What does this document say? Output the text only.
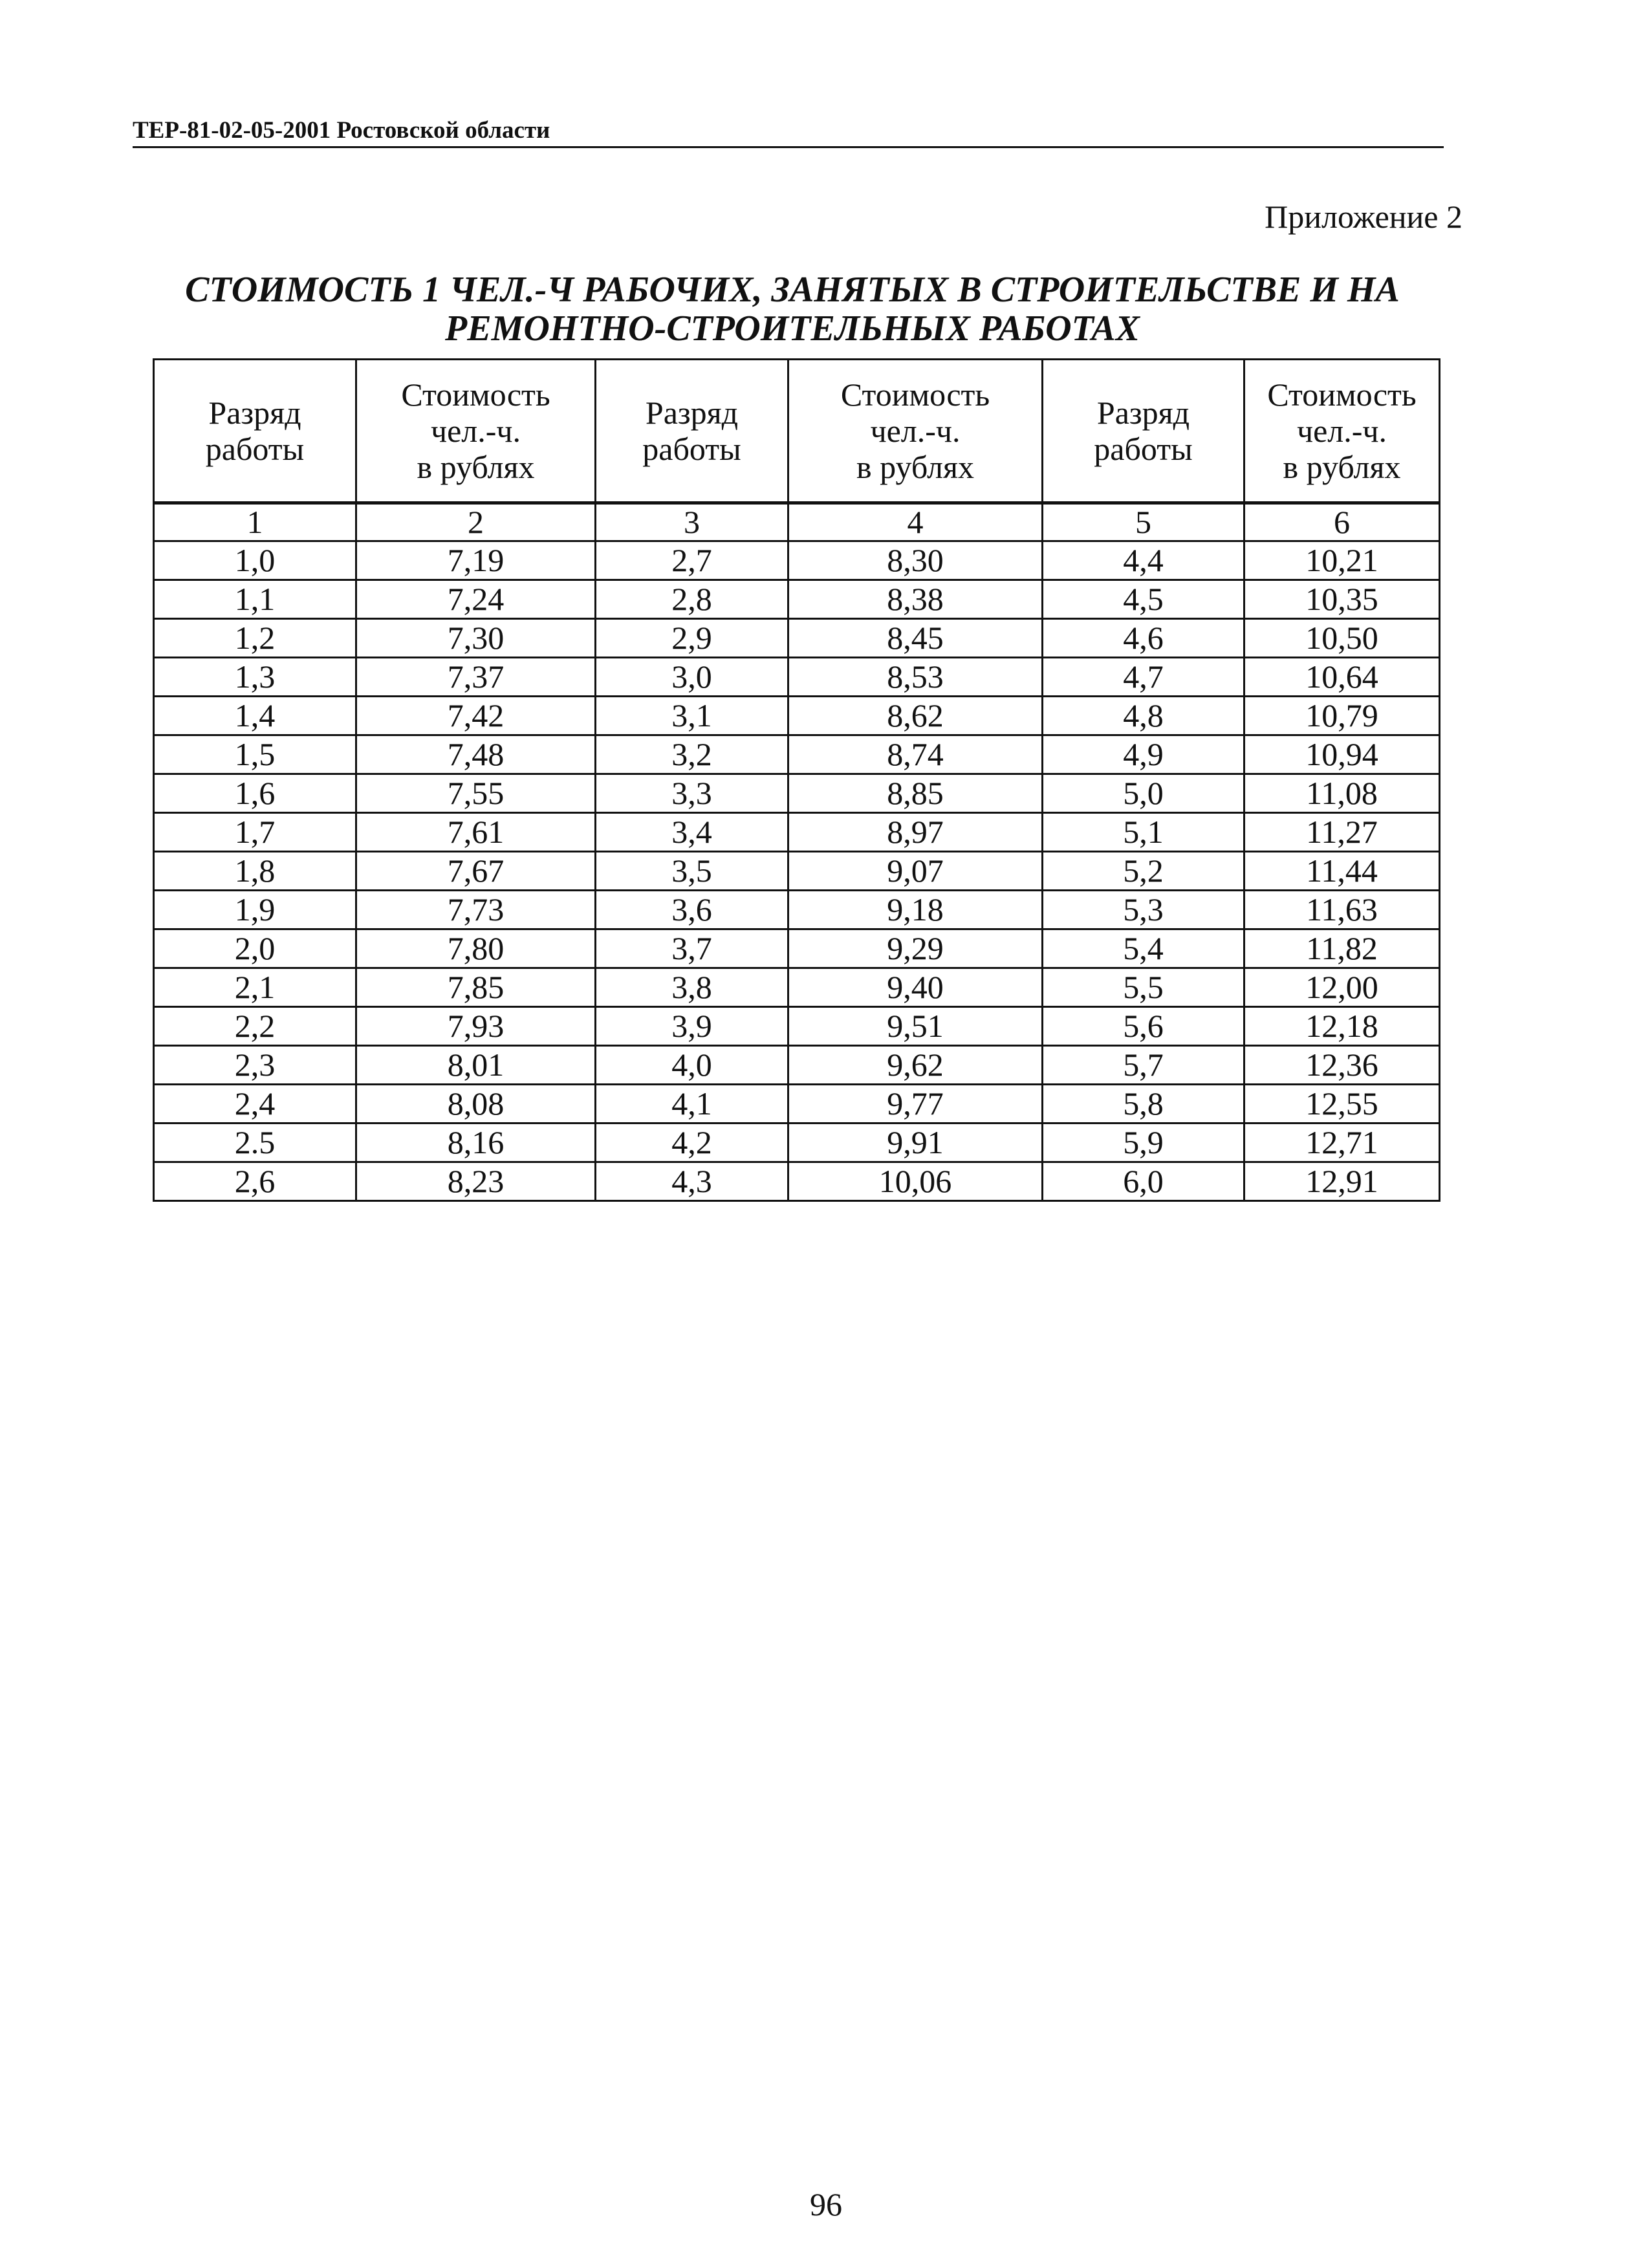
ТЕР-81-02-05-2001 Ростовской области
Приложение 2
СТОИМОСТЬ 1 ЧЕЛ.-Ч РАБОЧИХ, ЗАНЯТЫХ В СТРОИТЕЛЬСТВЕ И НА
РЕМОНТНО-СТРОИТЕЛЬНЫХ РАБОТАХ
Разряд
работы	Стоимость
чел.-ч.
в рублях	Разряд
работы	Стоимость
чел.-ч.
в рублях	Разряд
работы	Стоимость
чел.-ч.
в рублях
1	2	3	4	5	6
1,0	7,19	2,7	8,30	4,4	10,21
1,1	7,24	2,8	8,38	4,5	10,35
1,2	7,30	2,9	8,45	4,6	10,50
1,3	7,37	3,0	8,53	4,7	10,64
1,4	7,42	3,1	8,62	4,8	10,79
1,5	7,48	3,2	8,74	4,9	10,94
1,6	7,55	3,3	8,85	5,0	11,08
1,7	7,61	3,4	8,97	5,1	11,27
1,8	7,67	3,5	9,07	5,2	11,44
1,9	7,73	3,6	9,18	5,3	11,63
2,0	7,80	3,7	9,29	5,4	11,82
2,1	7,85	3,8	9,40	5,5	12,00
2,2	7,93	3,9	9,51	5,6	12,18
2,3	8,01	4,0	9,62	5,7	12,36
2,4	8,08	4,1	9,77	5,8	12,55
2.5	8,16	4,2	9,91	5,9	12,71
2,6	8,23	4,3	10,06	6,0	12,91
96
